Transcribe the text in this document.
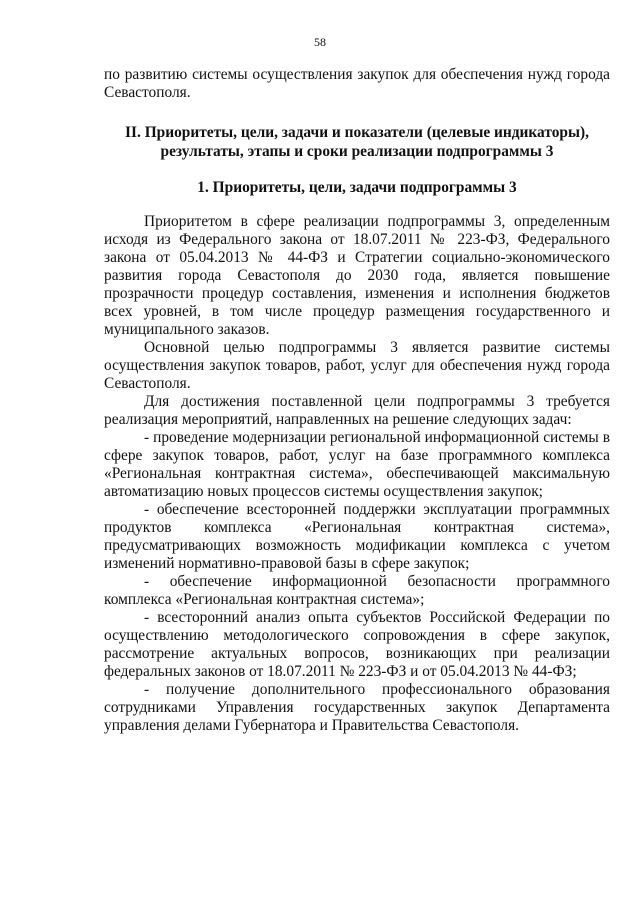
58

по развитию системы осуществления закупок для обеспечения нужд города Севастополя.

II. Приоритеты, цели, задачи и показатели (целевые индикаторы), результаты, этапы и сроки реализации подпрограммы 3

1. Приоритеты, цели, задачи подпрограммы 3

Приоритетом в сфере реализации подпрограммы 3, определенным исходя из Федерального закона от 18.07.2011 № 223-ФЗ, Федерального закона от 05.04.2013 № 44-ФЗ и Стратегии социально-экономического развития города Севастополя до 2030 года, является повышение прозрачности процедур составления, изменения и исполнения бюджетов всех уровней, в том числе процедур размещения государственного и муниципального заказов.

Основной целью подпрограммы 3 является развитие системы осуществления закупок товаров, работ, услуг для обеспечения нужд города Севастополя.

Для достижения поставленной цели подпрограммы 3 требуется реализация мероприятий, направленных на решение следующих задач:

- проведение модернизации региональной информационной системы в сфере закупок товаров, работ, услуг на базе программного комплекса «Региональная контрактная система», обеспечивающей максимальную автоматизацию новых процессов системы осуществления закупок;
- обеспечение всесторонней поддержки эксплуатации программных продуктов комплекса «Региональная контрактная система», предусматривающих возможность модификации комплекса с учетом изменений нормативно-правовой базы в сфере закупок;
- обеспечение информационной безопасности программного комплекса «Региональная контрактная система»;
- всесторонний анализ опыта субъектов Российской Федерации по осуществлению методологического сопровождения в сфере закупок, рассмотрение актуальных вопросов, возникающих при реализации федеральных законов от 18.07.2011 № 223-ФЗ и от 05.04.2013 № 44-ФЗ;
- получение дополнительного профессионального образования сотрудниками Управления государственных закупок Департамента управления делами Губернатора и Правительства Севастополя.
